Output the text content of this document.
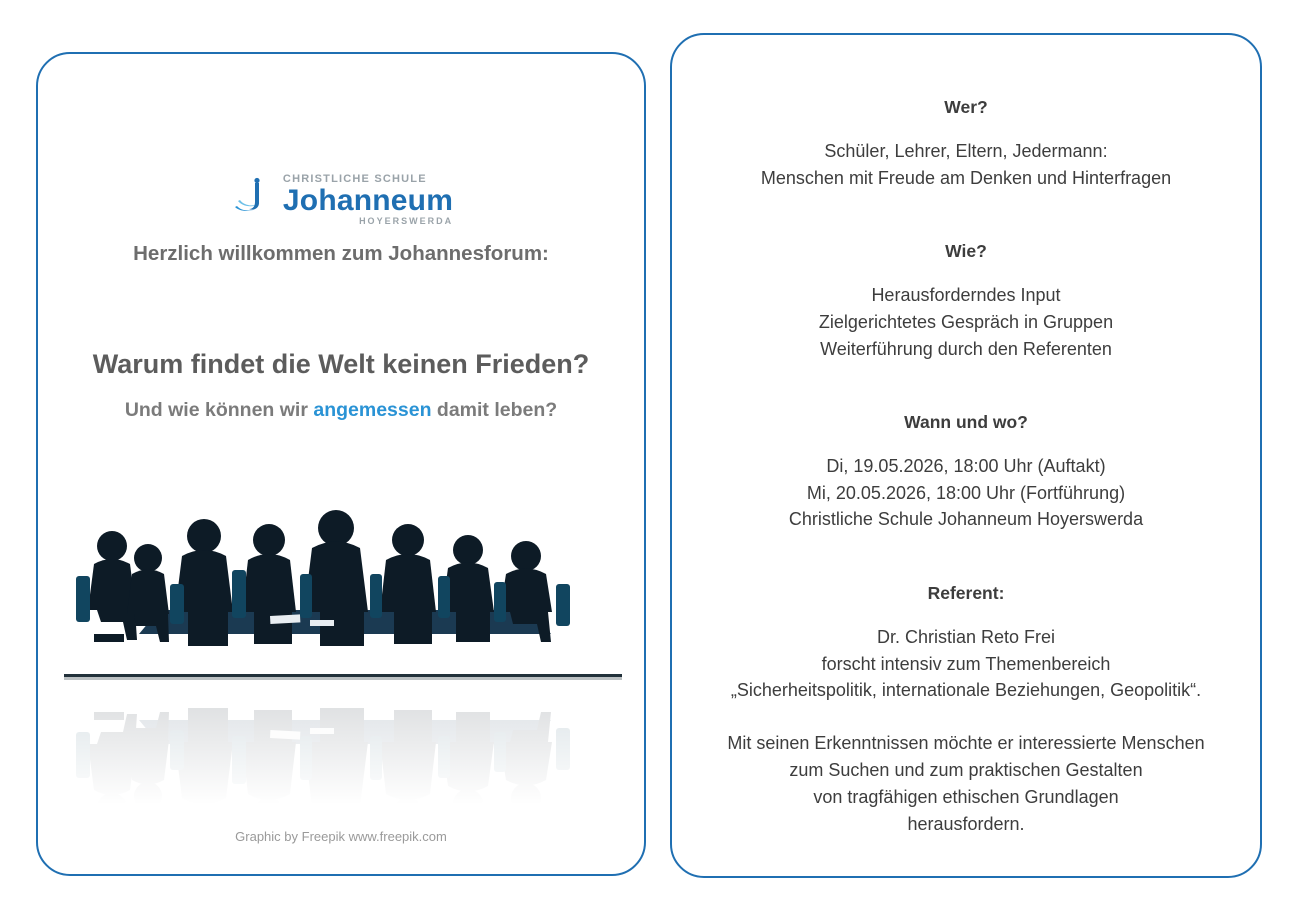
CHRISTLICHE SCHULE
Johanneum
HOYERSWERDA
Herzlich willkommen zum Johannesforum:
Warum findet die Welt keinen Frieden?
Und wie können wir angemessen damit leben?
Graphic by Freepik www.freepik.com
Wer?
Schüler, Lehrer, Eltern, Jedermann:
Menschen mit Freude am Denken und Hinterfragen
Wie?
Herausforderndes Input
Zielgerichtetes Gespräch in Gruppen
Weiterführung durch den Referenten
Wann und wo?
Di, 19.05.2026, 18:00 Uhr (Auftakt)
Mi, 20.05.2026, 18:00 Uhr (Fortführung)
Christliche Schule Johanneum Hoyerswerda
Referent:
Dr. Christian Reto Frei
forscht intensiv zum Themenbereich
„Sicherheitspolitik, internationale Beziehungen, Geopolitik“.
Mit seinen Erkenntnissen möchte er interessierte Menschen
zum Suchen und zum praktischen Gestalten
von tragfähigen ethischen Grundlagen
herausfordern.
